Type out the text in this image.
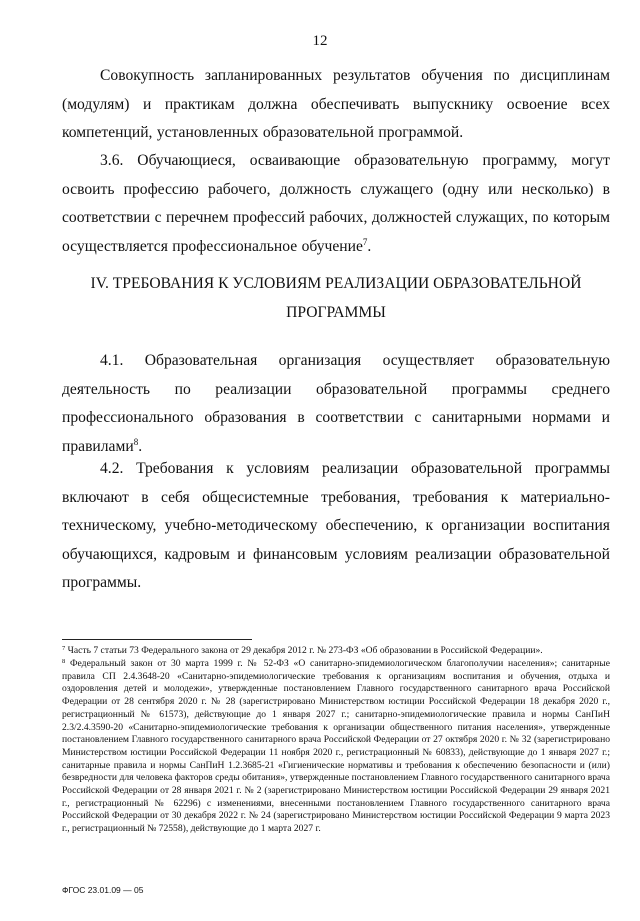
12

Совокупность запланированных результатов обучения по дисциплинам (модулям) и практикам должна обеспечивать выпускнику освоение всех компетенций, установленных образовательной программой.

3.6. Обучающиеся, осваивающие образовательную программу, могут освоить профессию рабочего, должность служащего (одну или несколько) в соответствии с перечнем профессий рабочих, должностей служащих, по которым осуществляется профессиональное обучение$^7$.

IV. ТРЕБОВАНИЯ К УСЛОВИЯМ РЕАЛИЗАЦИИ ОБРАЗОВАТЕЛЬНОЙ
ПРОГРАММЫ

4.1. Образовательная организация осуществляет образовательную деятельность по реализации образовательной программы среднего профессионального образования в соответствии с санитарными нормами и правилами$^8$.

4.2. Требования к условиям реализации образовательной программы включают в себя общесистемные требования, требования к материально-техническому, учебно-методическому обеспечению, к организации воспитания обучающихся, кадровым и финансовым условиям реализации образовательной программы.

$^7$ Часть 7 статьи 73 Федерального закона от 29 декабря 2012 г. № 273-ФЗ «Об образовании в Российской Федерации».

$^8$ Федеральный закон от 30 марта 1999 г. № 52-ФЗ «О санитарно-эпидемиологическом благополучии населения»; санитарные правила СП 2.4.3648-20 «Санитарно-эпидемиологические требования к организациям воспитания и обучения, отдыха и оздоровления детей и молодежи», утвержденные постановлением Главного государственного санитарного врача Российской Федерации от 28 сентября 2020 г. № 28 (зарегистрировано Министерством юстиции Российской Федерации 18 декабря 2020 г., регистрационный № 61573), действующие до 1 января 2027 г.; санитарно-эпидемиологические правила и нормы СанПиН 2.3/2.4.3590-20 «Санитарно-эпидемиологические требования к организации общественного питания населения», утвержденные постановлением Главного государственного санитарного врача Российской Федерации от 27 октября 2020 г. № 32 (зарегистрировано Министерством юстиции Российской Федерации 11 ноября 2020 г., регистрационный № 60833), действующие до 1 января 2027 г.; санитарные правила и нормы СанПиН 1.2.3685-21 «Гигиенические нормативы и требования к обеспечению безопасности и (или) безвредности для человека факторов среды обитания», утвержденные постановлением Главного государственного санитарного врача Российской Федерации от 28 января 2021 г. № 2 (зарегистрировано Министерством юстиции Российской Федерации 29 января 2021 г., регистрационный № 62296) с изменениями, внесенными постановлением Главного государственного санитарного врача Российской Федерации от 30 декабря 2022 г. № 24 (зарегистрировано Министерством юстиции Российской Федерации 9 марта 2023 г., регистрационный № 72558), действующие до 1 марта 2027 г.

ФГОС 23.01.09 — 05
